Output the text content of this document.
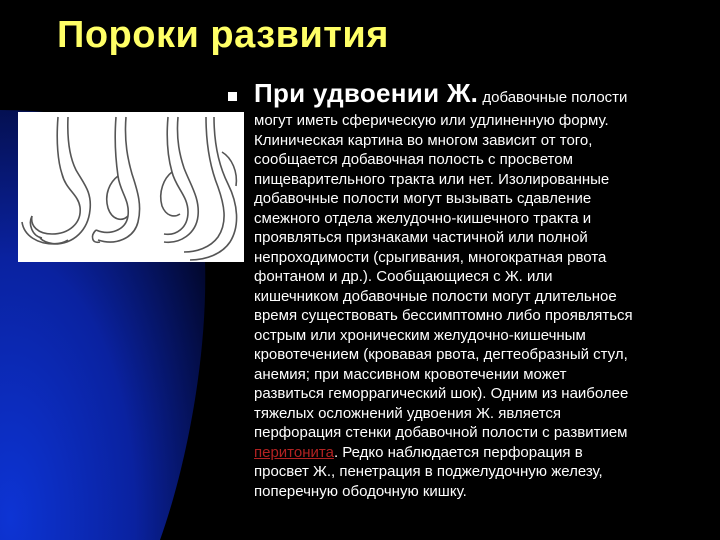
Пороки развития
При удвоении Ж. добавочные полости
могут иметь сферическую или удлиненную форму.
Клиническая картина во многом зависит от того,
сообщается добавочная полость с просветом
пищеварительного тракта или нет. Изолированные
добавочные полости могут вызывать сдавление
смежного отдела желудочно-кишечного тракта и
проявляться признаками частичной или полной
непроходимости (срыгивания, многократная рвота
фонтаном и др.). Сообщающиеся с Ж. или
кишечником добавочные полости могут длительное
время существовать бессимптомно либо проявляться
острым или хроническим желудочно-кишечным
кровотечением (кровавая рвота, дегтеобразный стул,
анемия; при массивном кровотечении может
развиться геморрагический шок). Одним из наиболее
тяжелых осложнений удвоения Ж. является
перфорация стенки добавочной полости с развитием
перитонита. Редко наблюдается перфорация в
просвет Ж., пенетрация в поджелудочную железу,
поперечную ободочную кишку.
